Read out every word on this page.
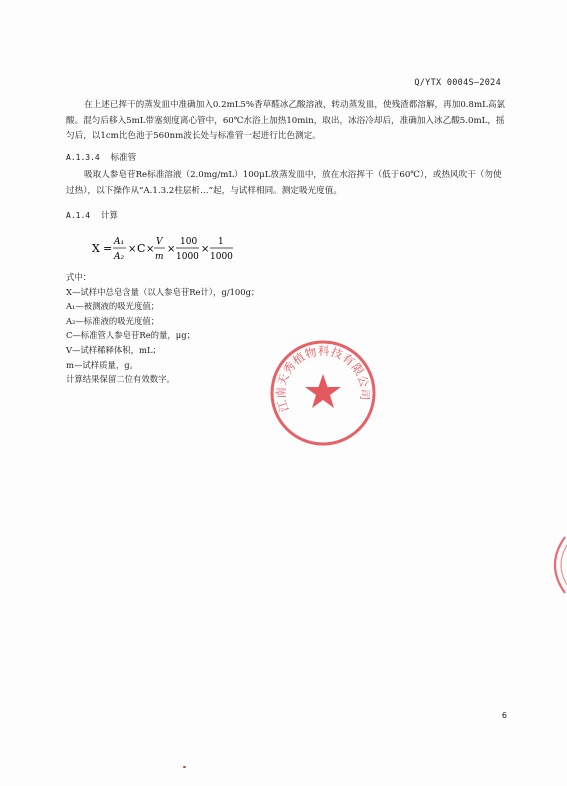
Q/YTX 0004S—2024
在上述已挥干的蒸发皿中准确加入0.2mL5%香草醛冰乙酸溶液，转动蒸发皿，使残渣都溶解，再加0.8mL高氯酸。混匀后移入5mL带塞刻度离心管中，60℃水浴上加热10min，取出，冰浴冷却后，准确加入冰乙酸5.0mL，摇匀后，以1cm比色池于560nm波长处与标准管一起进行比色测定。
A.1.3.4 标准管
吸取人参皂苷Re标准溶液（2.0mg/mL）100μL放蒸发皿中，放在水浴挥干（低于60℃），或热风吹干（勿使过热），以下操作从“A.1.3.2柱层析…”起，与试样相同。测定吸光度值。
A.1.4 计算
X = A₁
A₂
× C ×
V
m
×
100
1000
×
1
1000
式中：
X—试样中总皂含量（以人参皂苷Re计），g/100g；
A₁—被测液的吸光度值；
A₂—标准液的吸光度值；
C—标准管人参皂苷Re的量，μg；
V—试样稀释体积，mL；
m—试样质量，g。
计算结果保留二位有效数字。
江南天秀植物科技有限公司
6
